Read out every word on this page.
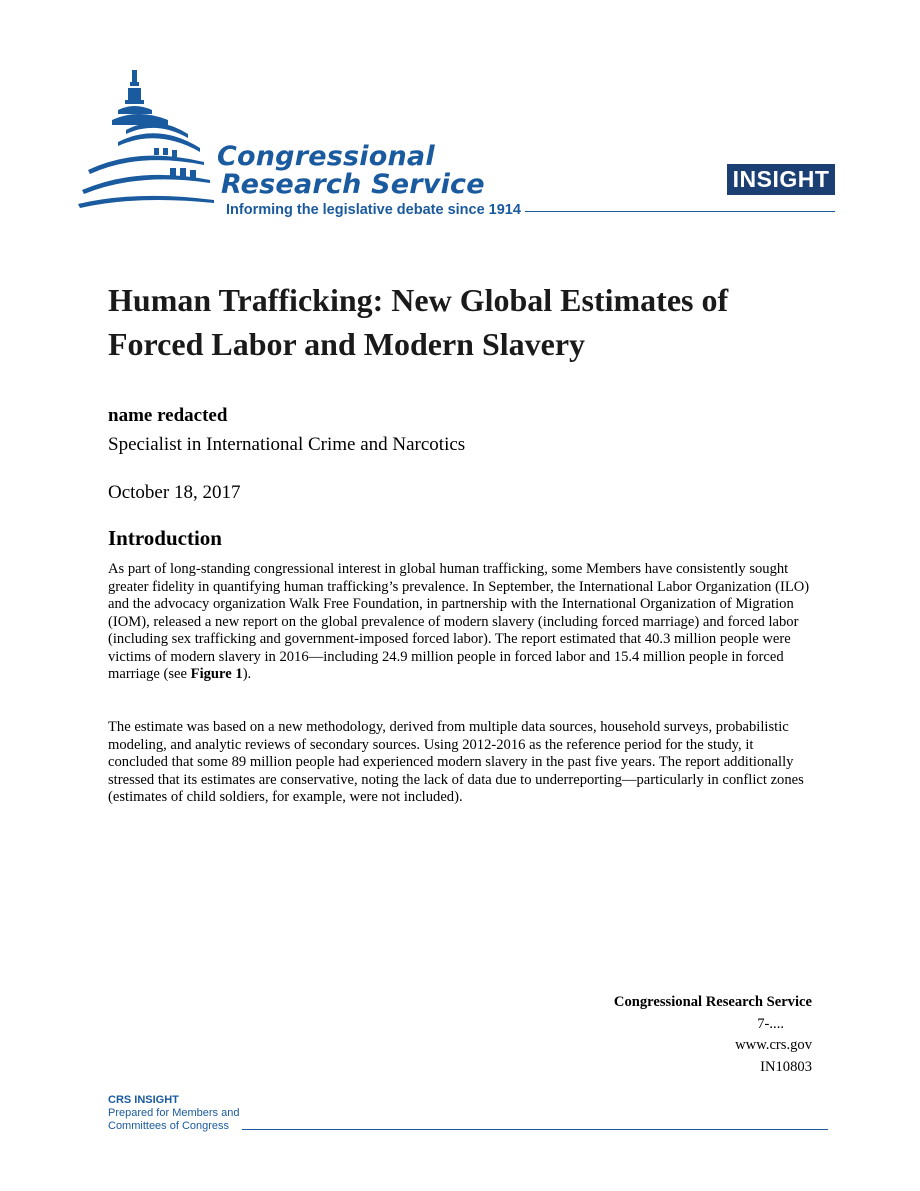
Congressional
Research Service
Informing the legislative debate since 1914
INSIGHT
Human Trafficking: New Global Estimates of Forced Labor and Modern Slavery
name redacted
Specialist in International Crime and Narcotics
October 18, 2017
Introduction

As part of long-standing congressional interest in global human trafficking, some Members have consistently sought greater fidelity in quantifying human trafficking’s prevalence. In September, the International Labor Organization (ILO) and the advocacy organization Walk Free Foundation, in partnership with the International Organization of Migration (IOM), released a new report on the global prevalence of modern slavery (including forced marriage) and forced labor (including sex trafficking and government-imposed forced labor). The report estimated that 40.3 million people were victims of modern slavery in 2016—including 24.9 million people in forced labor and 15.4 million people in forced marriage (see Figure 1).

The estimate was based on a new methodology, derived from multiple data sources, household surveys, probabilistic modeling, and analytic reviews of secondary sources. Using 2012-2016 as the reference period for the study, it concluded that some 89 million people had experienced modern slavery in the past five years. The report additionally stressed that its estimates are conservative, noting the lack of data due to underreporting—particularly in conflict zones (estimates of child soldiers, for example, were not included).

Congressional Research Service
7-....
www.crs.gov
IN10803
CRS INSIGHT
Prepared for Members and
Committees of Congress
